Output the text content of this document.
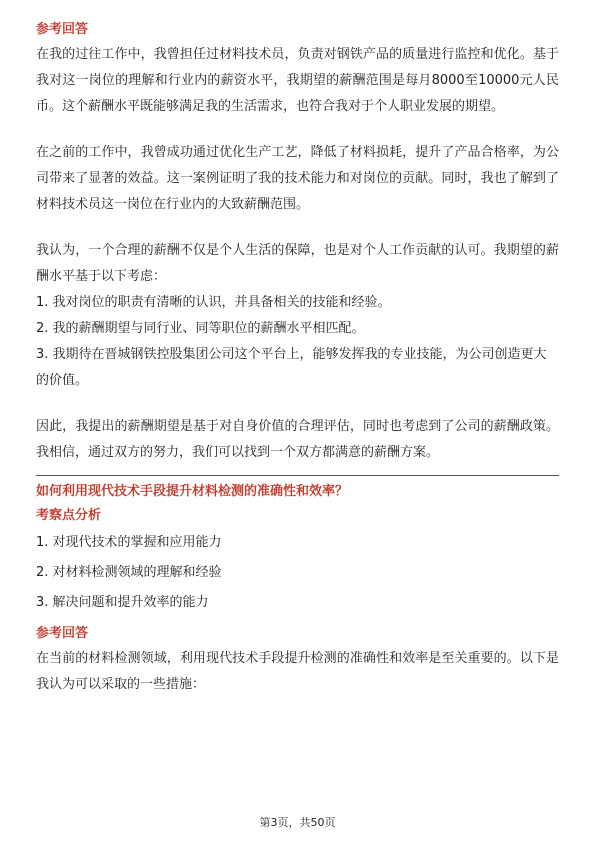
参考回答

在我的过往工作中，我曾担任过材料技术员，负责对钢铁产品的质量进行监控和优化。基于我对这一岗位的理解和行业内的薪资水平，我期望的薪酬范围是每月8000至10000元人民币。这个薪酬水平既能够满足我的生活需求，也符合我对于个人职业发展的期望。

在之前的工作中，我曾成功通过优化生产工艺，降低了材料损耗，提升了产品合格率，为公司带来了显著的效益。这一案例证明了我的技术能力和对岗位的贡献。同时，我也了解到了材料技术员这一岗位在行业内的大致薪酬范围。

我认为，一个合理的薪酬不仅是个人生活的保障，也是对个人工作贡献的认可。我期望的薪酬水平基于以下考虑：

1. 我对岗位的职责有清晰的认识，并具备相关的技能和经验。

2. 我的薪酬期望与同行业、同等职位的薪酬水平相匹配。

3. 我期待在晋城钢铁控股集团公司这个平台上，能够发挥我的专业技能，为公司创造更大的价值。

因此，我提出的薪酬期望是基于对自身价值的合理评估，同时也考虑到了公司的薪酬政策。我相信，通过双方的努力，我们可以找到一个双方都满意的薪酬方案。

如何利用现代技术手段提升材料检测的准确性和效率？

考察点分析

1. 对现代技术的掌握和应用能力

2. 对材料检测领域的理解和经验

3. 解决问题和提升效率的能力

参考回答

在当前的材料检测领域，利用现代技术手段提升检测的准确性和效率是至关重要的。以下是我认为可以采取的一些措施：

第3页，共50页
